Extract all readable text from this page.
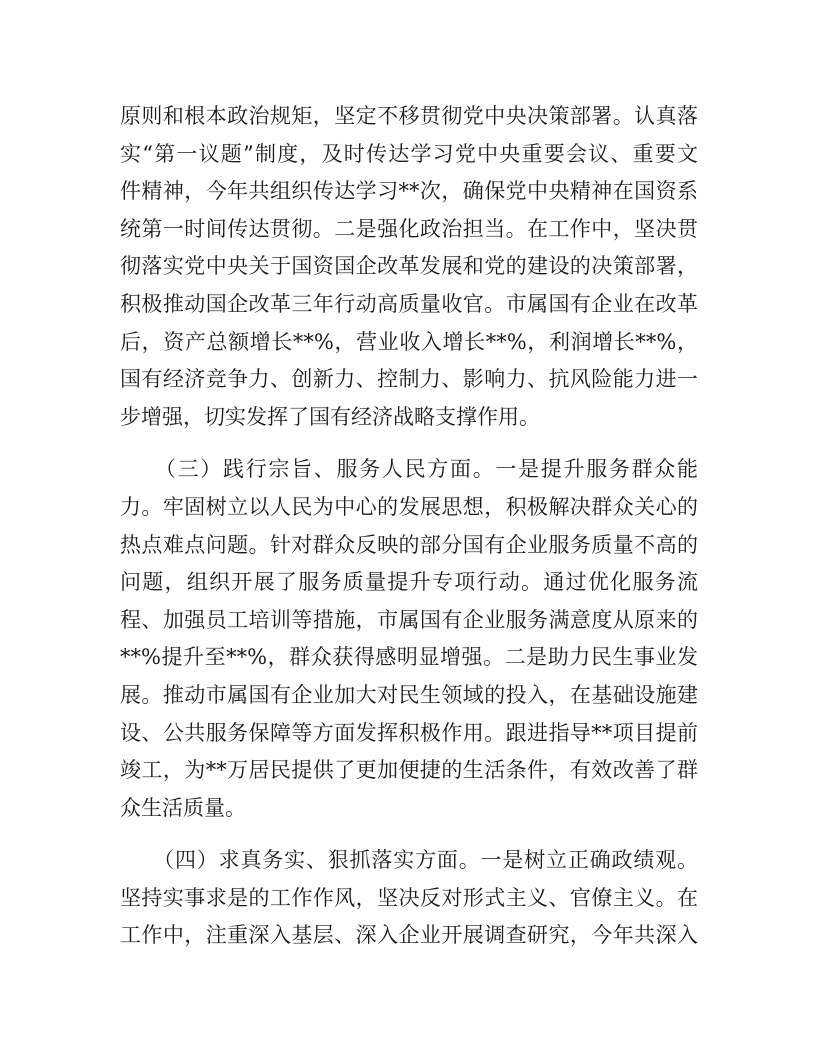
原则和根本政治规矩，坚定不移贯彻党中央决策部署。认真落
实“第一议题”制度，及时传达学习党中央重要会议、重要文
件精神，今年共组织传达学习**次，确保党中央精神在国资系
统第一时间传达贯彻。二是强化政治担当。在工作中，坚决贯
彻落实党中央关于国资国企改革发展和党的建设的决策部署，
积极推动国企改革三年行动高质量收官。市属国有企业在改革
后，资产总额增长**%，营业收入增长**%，利润增长**%，
国有经济竞争力、创新力、控制力、影响力、抗风险能力进一
步增强，切实发挥了国有经济战略支撑作用。
　　（三）践行宗旨、服务人民方面。一是提升服务群众能
力。牢固树立以人民为中心的发展思想，积极解决群众关心的
热点难点问题。针对群众反映的部分国有企业服务质量不高的
问题，组织开展了服务质量提升专项行动。通过优化服务流
程、加强员工培训等措施，市属国有企业服务满意度从原来的
**%提升至**%，群众获得感明显增强。二是助力民生事业发
展。推动市属国有企业加大对民生领域的投入，在基础设施建
设、公共服务保障等方面发挥积极作用。跟进指导**项目提前
竣工，为**万居民提供了更加便捷的生活条件，有效改善了群
众生活质量。
　　（四）求真务实、狠抓落实方面。一是树立正确政绩观。
坚持实事求是的工作作风，坚决反对形式主义、官僚主义。在
工作中，注重深入基层、深入企业开展调查研究，今年共深入
